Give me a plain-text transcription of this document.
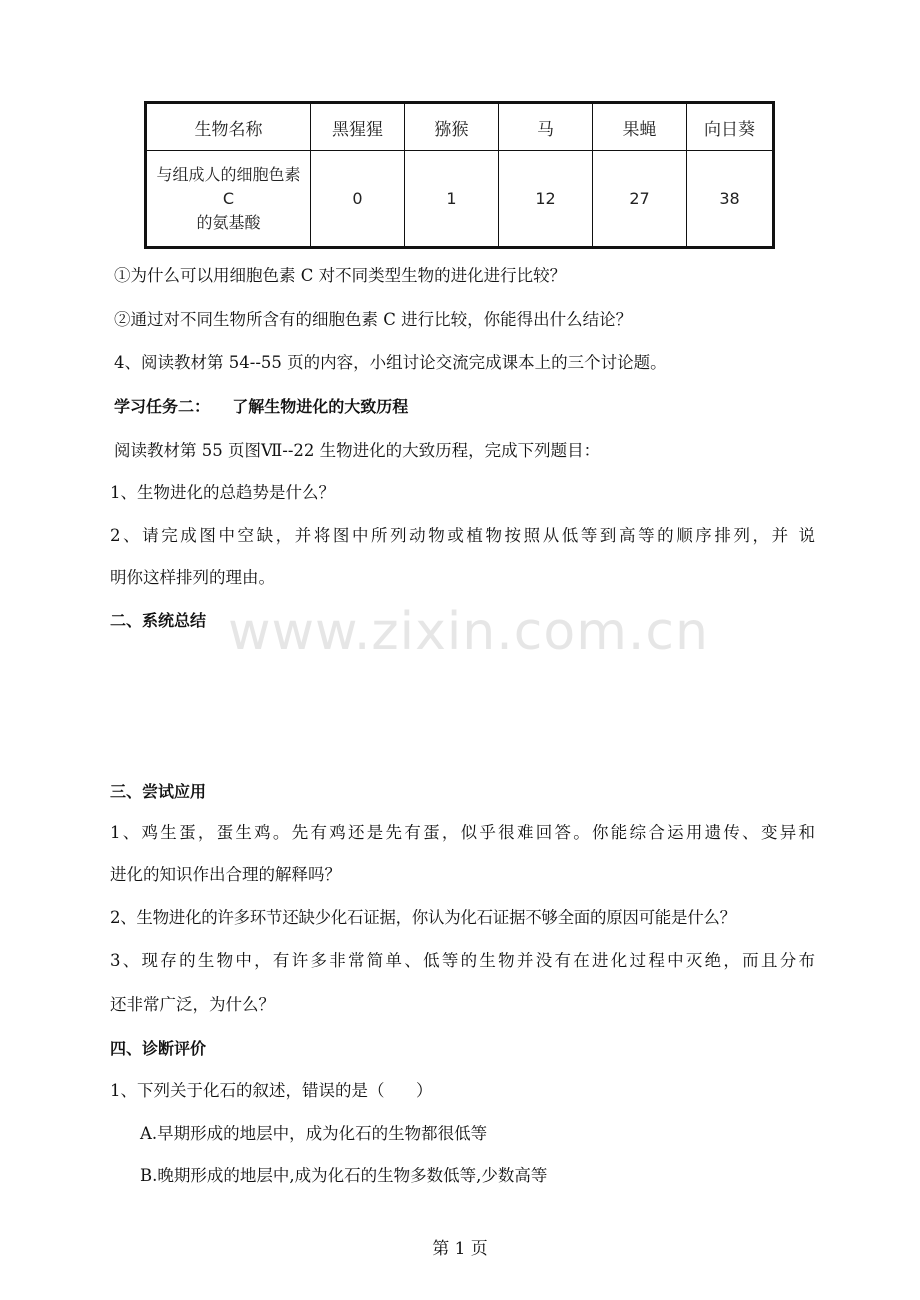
生物名称	黑猩猩	猕猴	马	果蝇	向日葵

与组成人的细胞色素 C
的氨基酸	0	1	12	27	38
①为什么可以用细胞色素 C 对不同类型生物的进化进行比较？
②通过对不同生物所含有的细胞色素 C 进行比较，你能得出什么结论？
4、阅读教材第 54--55 页的内容，小组讨论交流完成课本上的三个讨论题。
学习任务二：    了解生物进化的大致历程
阅读教材第 55 页图Ⅶ--22 生物进化的大致历程，完成下列题目：
1、生物进化的总趋势是什么？
2、请完成图中空缺，并将图中所列动物或植物按照从低等到高等的顺序排列，并 说
明你这样排列的理由。
二、系统总结 www.zixin.com.cn
三、尝试应用
1、鸡生蛋，蛋生鸡。先有鸡还是先有蛋，似乎很难回答。你能综合运用遗传、变异和
进化的知识作出合理的解释吗？
2、生物进化的许多环节还缺少化石证据，你认为化石证据不够全面的原因可能是什么？
3、现存的生物中，有许多非常简单、低等的生物并没有在进化过程中灭绝，而且分布
还非常广泛，为什么？
四、诊断评价
1、下列关于化石的叙述，错误的是（      ）
A.早期形成的地层中，成为化石的生物都很低等
B.晚期形成的地层中,成为化石的生物多数低等,少数高等
第 1 页
